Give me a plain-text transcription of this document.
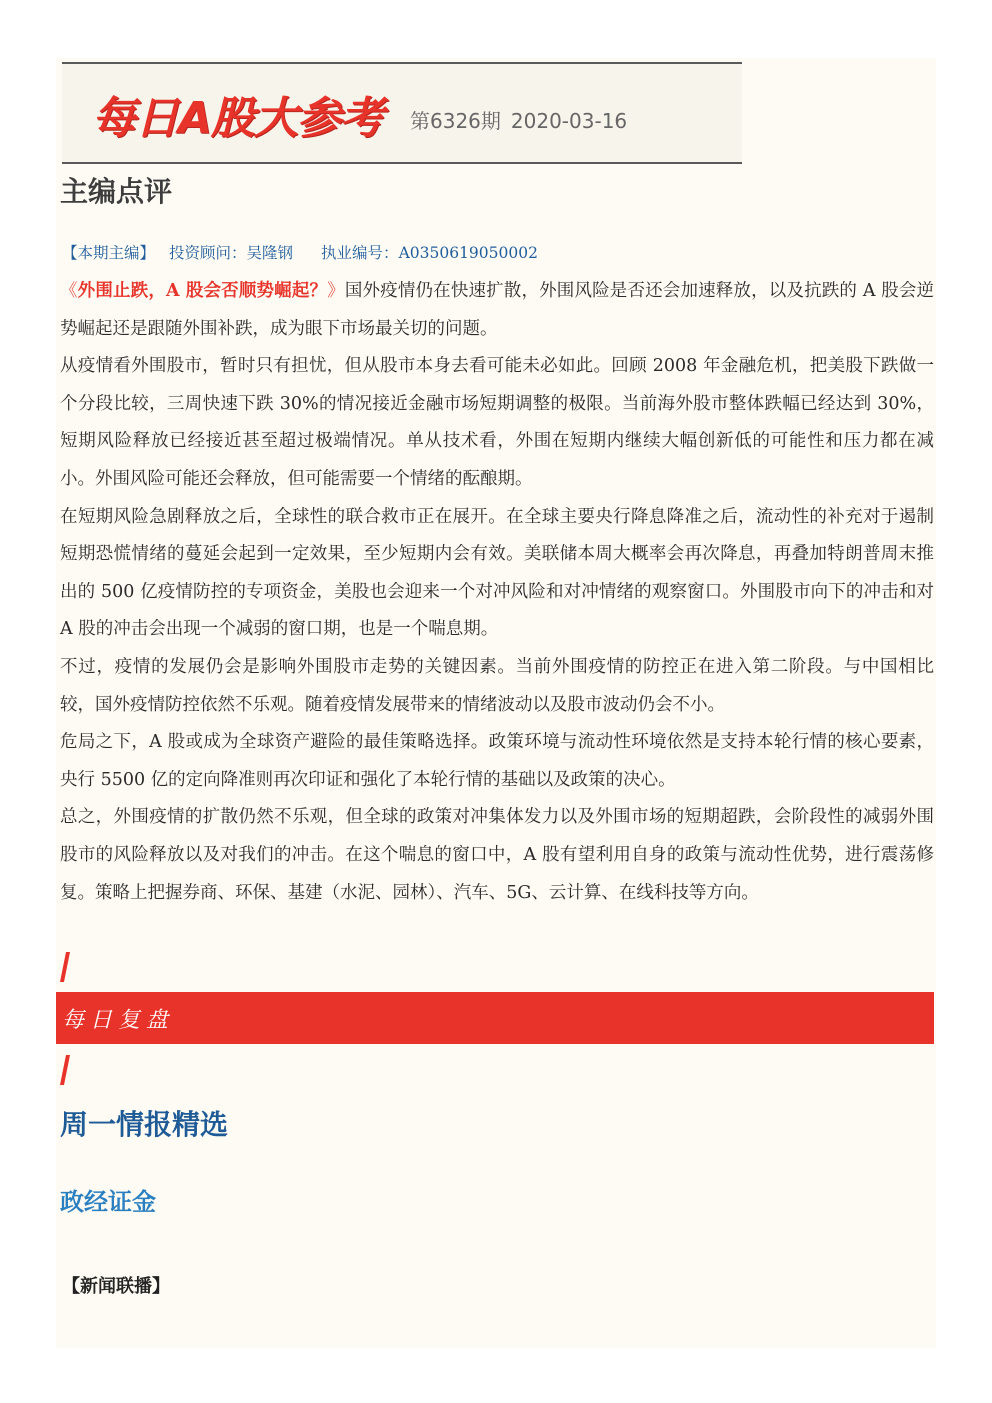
每日A股大参考 第6326期 2020-03-16
主编点评
【本期主编】 投资顾问：吴隆钢 执业编号：A0350619050002

《外围止跌，A 股会否顺势崛起？》国外疫情仍在快速扩散，外围风险是否还会加速释放，以及抗跌的 A 股会逆势崛起还是跟随外围补跌，成为眼下市场最关切的问题。

从疫情看外围股市，暂时只有担忧，但从股市本身去看可能未必如此。回顾 2008 年金融危机，把美股下跌做一个分段比较，三周快速下跌 30%的情况接近金融市场短期调整的极限。当前海外股市整体跌幅已经达到 30%，短期风险释放已经接近甚至超过极端情况。单从技术看，外围在短期内继续大幅创新低的可能性和压力都在减小。外围风险可能还会释放，但可能需要一个情绪的酝酿期。

在短期风险急剧释放之后，全球性的联合救市正在展开。在全球主要央行降息降准之后，流动性的补充对于遏制短期恐慌情绪的蔓延会起到一定效果，至少短期内会有效。美联储本周大概率会再次降息，再叠加特朗普周末推出的 500 亿疫情防控的专项资金，美股也会迎来一个对冲风险和对冲情绪的观察窗口。外围股市向下的冲击和对 A 股的冲击会出现一个减弱的窗口期，也是一个喘息期。

不过，疫情的发展仍会是影响外围股市走势的关键因素。当前外围疫情的防控正在进入第二阶段。与中国相比较，国外疫情防控依然不乐观。随着疫情发展带来的情绪波动以及股市波动仍会不小。

危局之下，A 股或成为全球资产避险的最佳策略选择。政策环境与流动性环境依然是支持本轮行情的核心要素，央行 5500 亿的定向降准则再次印证和强化了本轮行情的基础以及政策的决心。

总之，外围疫情的扩散仍然不乐观，但全球的政策对冲集体发力以及外围市场的短期超跌，会阶段性的减弱外围股市的风险释放以及对我们的冲击。在这个喘息的窗口中，A 股有望利用自身的政策与流动性优势，进行震荡修复。策略上把握券商、环保、基建（水泥、园林）、汽车、5G、云计算、在线科技等方向。

每日复盘
周一情报精选
政经证金
【新闻联播】
